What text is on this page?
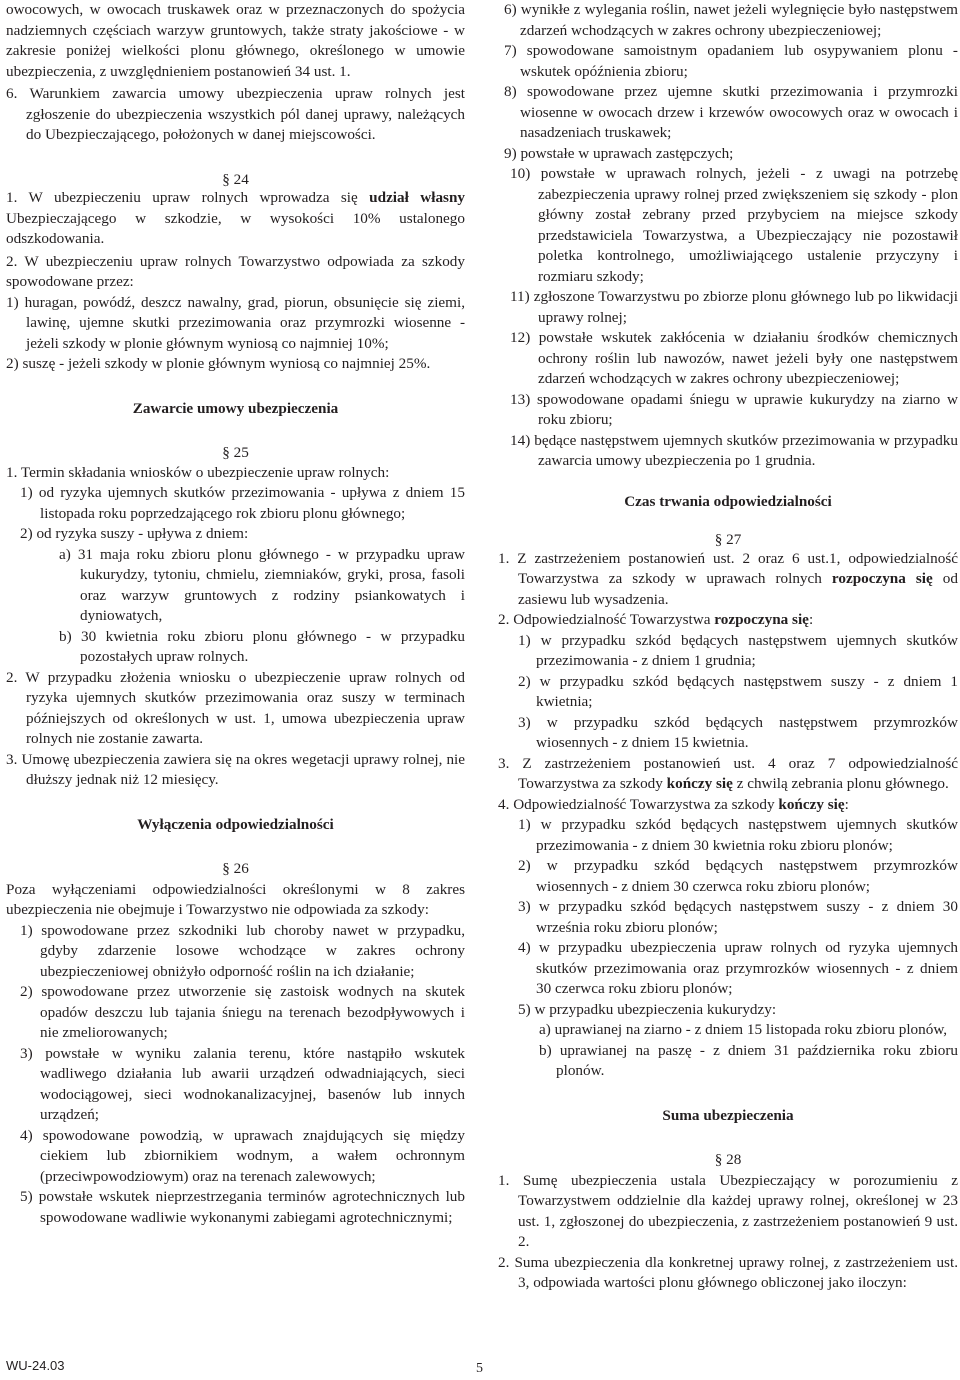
owocowych, w owocach truskawek oraz w przeznaczonych do spożycia nadziemnych częściach warzyw gruntowych, także straty jakościowe - w zakresie poniżej wielkości plonu głównego, określonego w umowie ubezpieczenia, z uwzględnieniem postanowień 34 ust. 1.

6. Warunkiem zawarcia umowy ubezpieczenia upraw rolnych jest zgłoszenie do ubezpieczenia wszystkich pól danej uprawy, należących do Ubezpieczającego, położonych w danej miejscowości.

§ 24

1. W ubezpieczeniu upraw rolnych wprowadza się udział własny Ubezpieczającego w szkodzie, w wysokości 10% ustalonego odszkodowania.

2. W ubezpieczeniu upraw rolnych Towarzystwo odpowiada za szkody spowodowane przez:

1) huragan, powódź, deszcz nawalny, grad, piorun, obsunięcie się ziemi, lawinę, ujemne skutki przezimowania oraz przymrozki wiosenne - jeżeli szkody w plonie głównym wyniosą co najmniej 10%;

2) suszę - jeżeli szkody w plonie głównym wyniosą co najmniej 25%.

Zawarcie umowy ubezpieczenia

§ 25

1. Termin składania wniosków o ubezpieczenie upraw rolnych:

1) od ryzyka ujemnych skutków przezimowania - upływa z dniem 15 listopada roku poprzedzającego rok zbioru plonu głównego;

2) od ryzyka suszy - upływa z dniem:

a) 31 maja roku zbioru plonu głównego - w przypadku upraw kukurydzy, tytoniu, chmielu, ziemniaków, gryki, prosa, fasoli oraz warzyw gruntowych z rodziny psiankowatych i dyniowatych,

b) 30 kwietnia roku zbioru plonu głównego - w przypadku pozostałych upraw rolnych.

2. W przypadku złożenia wniosku o ubezpieczenie upraw rolnych od ryzyka ujemnych skutków przezimowania oraz suszy w terminach późniejszych od określonych w ust. 1, umowa ubezpieczenia upraw rolnych nie zostanie zawarta.

3. Umowę ubezpieczenia zawiera się na okres wegetacji uprawy rolnej, nie dłuższy jednak niż 12 miesięcy.

Wyłączenia odpowiedzialności

§ 26

Poza wyłączeniami odpowiedzialności określonymi w 8 zakres ubezpieczenia nie obejmuje i Towarzystwo nie odpowiada za szkody:

1) spowodowane przez szkodniki lub choroby nawet w przypadku, gdyby zdarzenie losowe wchodzące w zakres ochrony ubezpieczeniowej obniżyło odporność roślin na ich działanie;

2) spowodowane przez utworzenie się zastoisk wodnych na skutek opadów deszczu lub tajania śniegu na terenach bezodpływowych i nie zmeliorowanych;

3) powstałe w wyniku zalania terenu, które nastąpiło wskutek wadliwego działania lub awarii urządzeń odwadniających, sieci wodociągowej, sieci wodnokanalizacyjnej, basenów lub innych urządzeń;

4) spowodowane powodzią, w uprawach znajdujących się między ciekiem lub zbiornikiem wodnym, a wałem ochronnym (przeciwpowodziowym) oraz na terenach zalewowych;

5) powstałe wskutek nieprzestrzegania terminów agrotechnicznych lub spowodowane wadliwie wykonanymi zabiegami agrotechnicznymi;

6) wynikłe z wylegania roślin, nawet jeżeli wylegnięcie było następstwem zdarzeń wchodzących w zakres ochrony ubezpieczeniowej;

7) spowodowane samoistnym opadaniem lub osypywaniem plonu - wskutek opóźnienia zbioru;

8) spowodowane przez ujemne skutki przezimowania i przymrozki wiosenne w owocach drzew i krzewów owocowych oraz w owocach i nasadzeniach truskawek;

9) powstałe w uprawach zastępczych;

10) powstałe w uprawach rolnych, jeżeli - z uwagi na potrzebę zabezpieczenia uprawy rolnej przed zwiększeniem się szkody - plon główny został zebrany przed przybyciem na miejsce szkody przedstawiciela Towarzystwa, a Ubezpieczający nie pozostawił poletka kontrolnego, umożliwiającego ustalenie przyczyny i rozmiaru szkody;

11) zgłoszone Towarzystwu po zbiorze plonu głównego lub po likwidacji uprawy rolnej;

12) powstałe wskutek zakłócenia w działaniu środków chemicznych ochrony roślin lub nawozów, nawet jeżeli były one następstwem zdarzeń wchodzących w zakres ochrony ubezpieczeniowej;

13) spowodowane opadami śniegu w uprawie kukurydzy na ziarno w roku zbioru;

14) będące następstwem ujemnych skutków przezimowania w przypadku zawarcia umowy ubezpieczenia po 1 grudnia.

Czas trwania odpowiedzialności

§ 27

1. Z zastrzeżeniem postanowień ust. 2 oraz 6 ust.1, odpowiedzialność Towarzystwa za szkody w uprawach rolnych rozpoczyna się od zasiewu lub wysadzenia.

2. Odpowiedzialność Towarzystwa rozpoczyna się:

1) w przypadku szkód będących następstwem ujemnych skutków przezimowania - z dniem 1 grudnia;

2) w przypadku szkód będących następstwem suszy - z dniem 1 kwietnia;

3) w przypadku szkód będących następstwem przymrozków wiosennych - z dniem 15 kwietnia.

3. Z zastrzeżeniem postanowień ust. 4 oraz 7 odpowiedzialność Towarzystwa za szkody kończy się z chwilą zebrania plonu głównego.

4. Odpowiedzialność Towarzystwa za szkody kończy się:

1) w przypadku szkód będących następstwem ujemnych skutków przezimowania - z dniem 30 kwietnia roku zbioru plonów;

2) w przypadku szkód będących następstwem przymrozków wiosennych - z dniem 30 czerwca roku zbioru plonów;

3) w przypadku szkód będących następstwem suszy - z dniem 30 września roku zbioru plonów;

4) w przypadku ubezpieczenia upraw rolnych od ryzyka ujemnych skutków przezimowania oraz przymrozków wiosennych - z dniem 30 czerwca roku zbioru plonów;

5) w przypadku ubezpieczenia kukurydzy:

a) uprawianej na ziarno - z dniem 15 listopada roku zbioru plonów,

b) uprawianej na paszę - z dniem 31 października roku zbioru plonów.

Suma ubezpieczenia

§ 28

1. Sumę ubezpieczenia ustala Ubezpieczający w porozumieniu z Towarzystwem oddzielnie dla każdej uprawy rolnej, określonej w 23 ust. 1, zgłoszonej do ubezpieczenia, z zastrzeżeniem postanowień 9 ust. 2.

2. Suma ubezpieczenia dla konkretnej uprawy rolnej, z zastrzeżeniem ust. 3, odpowiada wartości plonu głównego obliczonej jako iloczyn:

WU-24.03	5
